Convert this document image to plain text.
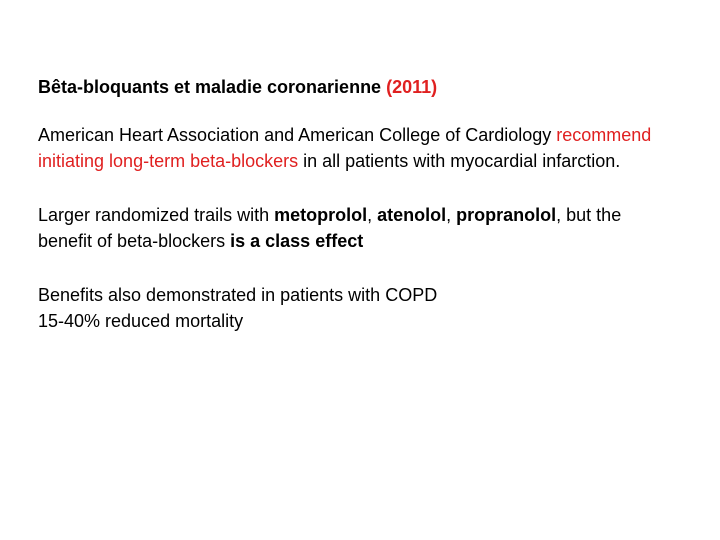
Bêta-bloquants et maladie coronarienne (2011)
American Heart Association and American College of Cardiology recommend initiating long-term beta-blockers in all patients with myocardial infarction.
Larger randomized trails with metoprolol, atenolol, propranolol, but the benefit of beta-blockers is a class effect
Benefits also demonstrated in patients with COPD
15-40% reduced mortality
